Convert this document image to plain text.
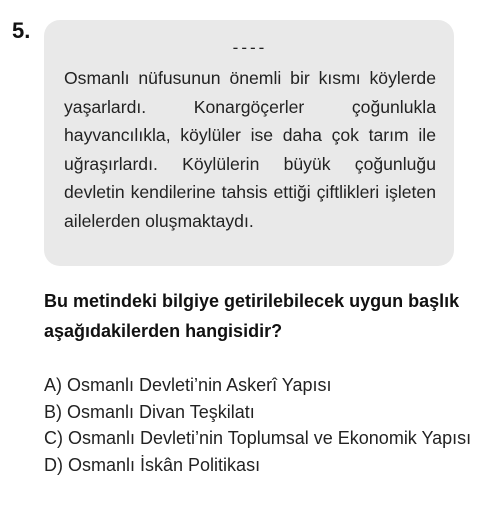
5.
----

Osmanlı nüfusunun önemli bir kısmı köylerde yaşarlardı. Konargöçerler çoğunlukla hayvancılıkla, köylüler ise daha çok tarım ile uğraşırlardı. Köylülerin büyük çoğunluğu devletin kendilerine tahsis ettiği çiftlikleri işleten ailelerden oluşmaktaydı.

Bu metindeki bilgiye getirilebilecek uygun başlık aşağıdakilerden hangisidir?

A) Osmanlı Devleti’nin Askerî Yapısı
B) Osmanlı Divan Teşkilatı
C) Osmanlı Devleti’nin Toplumsal ve Ekonomik Yapısı
D) Osmanlı İskân Politikası
